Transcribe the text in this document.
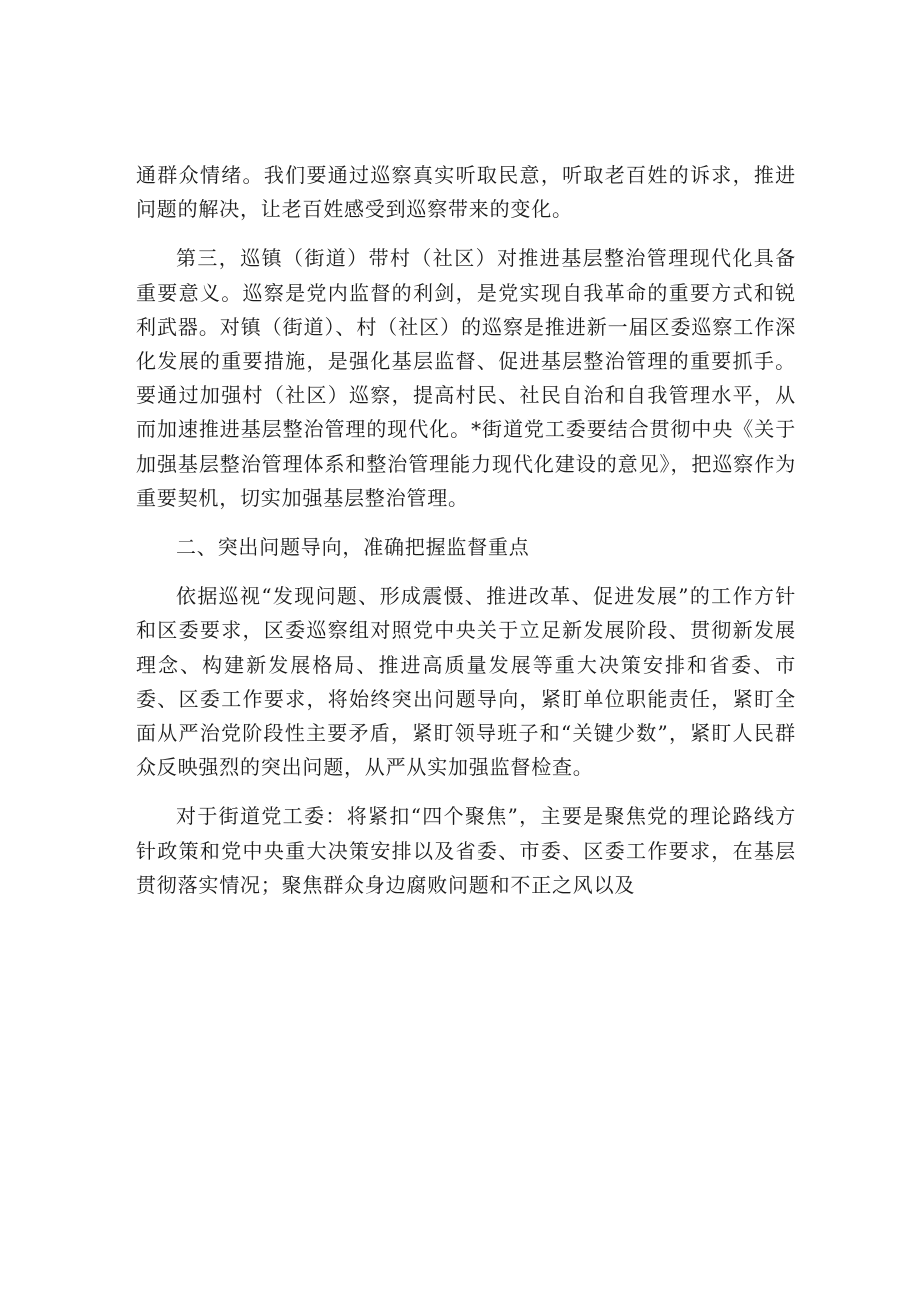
通群众情绪。我们要通过巡察真实听取民意，听取老百姓的诉求，推进问题的解决，让老百姓感受到巡察带来的变化。

第三，巡镇（街道）带村（社区）对推进基层整治管理现代化具备重要意义。巡察是党内监督的利剑，是党实现自我革命的重要方式和锐利武器。对镇（街道）、村（社区）的巡察是推进新一届区委巡察工作深化发展的重要措施，是强化基层监督、促进基层整治管理的重要抓手。要通过加强村（社区）巡察，提高村民、社民自治和自我管理水平，从而加速推进基层整治管理的现代化。*街道党工委要结合贯彻中央《关于加强基层整治管理体系和整治管理能力现代化建设的意见》，把巡察作为重要契机，切实加强基层整治管理。

二、突出问题导向，准确把握监督重点

依据巡视“发现问题、形成震慑、推进改革、促进发展”的工作方针和区委要求，区委巡察组对照党中央关于立足新发展阶段、贯彻新发展理念、构建新发展格局、推进高质量发展等重大决策安排和省委、市委、区委工作要求，将始终突出问题导向，紧盯单位职能责任，紧盯全面从严治党阶段性主要矛盾，紧盯领导班子和“关键少数”，紧盯人民群众反映强烈的突出问题，从严从实加强监督检查。

对于街道党工委：将紧扣“四个聚焦”，主要是聚焦党的理论路线方针政策和党中央重大决策安排以及省委、市委、区委工作要求，在基层贯彻落实情况；聚焦群众身边腐败问题和不正之风以及
